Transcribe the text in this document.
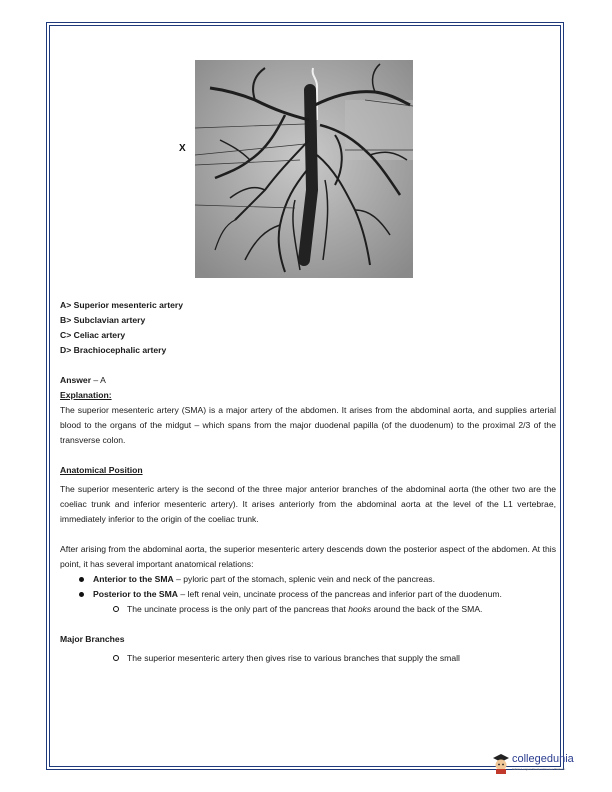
X
A> Superior mesenteric artery
B> Subclavian artery
C> Celiac artery
D> Brachiocephalic artery
Answer – A
Explanation:

The superior mesenteric artery (SMA) is a major artery of the abdomen. It arises from the abdominal aorta, and supplies arterial blood to the organs of the midgut – which spans from the major duodenal papilla (of the duodenum) to the proximal 2/3 of the transverse colon.

Anatomical Position

The superior mesenteric artery is the second of the three major anterior branches of the abdominal aorta (the other two are the coeliac trunk and inferior mesenteric artery). It arises anteriorly from the abdominal aorta at the level of the L1 vertebrae, immediately inferior to the origin of the coeliac trunk.

After arising from the abdominal aorta, the superior mesenteric artery descends down the posterior aspect of the abdomen. At this point, it has several important anatomical relations:

Anterior to the SMA – pyloric part of the stomach, splenic vein and neck of the pancreas.
Posterior to the SMA – left renal vein, uncinate process of the pancreas and inferior part of the duodenum.
The uncinate process is the only part of the pancreas that hooks around the back of the SMA.
Major Branches
The superior mesenteric artery then gives rise to various branches that supply the small
collegedunia
India's Largest Student Review Platform
